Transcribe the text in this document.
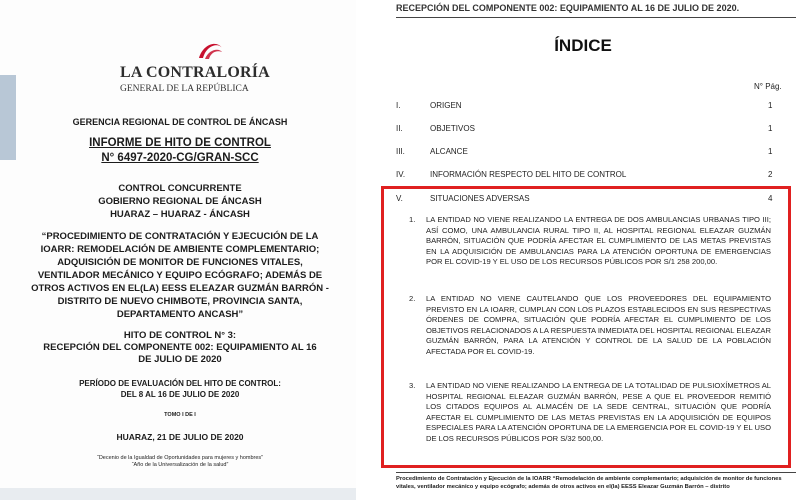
LA CONTRALORÍA
GENERAL DE LA REPÚBLICA
GERENCIA REGIONAL DE CONTROL DE ÁNCASH
INFORME DE HITO DE CONTROL
N° 6497-2020-CG/GRAN-SCC
CONTROL CONCURRENTE
GOBIERNO REGIONAL DE ÁNCASH
HUARAZ – HUARAZ - ÁNCASH
“PROCEDIMIENTO DE CONTRATACIÓN Y EJECUCIÓN DE LA IOARR: REMODELACIÓN DE AMBIENTE COMPLEMENTARIO; ADQUISICIÓN DE MONITOR DE FUNCIONES VITALES, VENTILADOR MECÁNICO Y EQUIPO ECÓGRAFO; ADEMÁS DE OTROS ACTIVOS EN EL(LA) EESS ELEAZAR GUZMÁN BARRÓN - DISTRITO DE NUEVO CHIMBOTE, PROVINCIA SANTA, DEPARTAMENTO ANCASH”
HITO DE CONTROL N° 3:
RECEPCIÓN DEL COMPONENTE 002: EQUIPAMIENTO AL 16 DE JULIO DE 2020
PERÍODO DE EVALUACIÓN DEL HITO DE CONTROL:
DEL 8 AL 16 DE JULIO DE 2020
TOMO I DE I
HUARAZ, 21 DE JULIO DE 2020
“Decenio de la Igualdad de Oportunidades para mujeres y hombres”
“Año de la Universalización de la salud”
RECEPCIÓN DEL COMPONENTE 002: EQUIPAMIENTO AL 16 DE JULIO DE 2020.
ÍNDICE
N° Pág.
I.	ORIGEN	1
II.	OBJETIVOS	1
III.	ALCANCE	1
IV.	INFORMACIÓN RESPECTO DEL HITO DE CONTROL	2
V.	SITUACIONES ADVERSAS	4
1. LA ENTIDAD NO VIENE REALIZANDO LA ENTREGA DE DOS AMBULANCIAS URBANAS TIPO III; ASÍ COMO, UNA AMBULANCIA RURAL TIPO II, AL HOSPITAL REGIONAL ELEAZAR GUZMÁN BARRÓN, SITUACIÓN QUE PODRÍA AFECTAR EL CUMPLIMIENTO DE LAS METAS PREVISTAS EN LA ADQUISICIÓN DE AMBULANCIAS PARA LA ATENCIÓN OPORTUNA DE EMERGENCIAS POR EL COVID-19 Y EL USO DE LOS RECURSOS PÚBLICOS POR S/1 258 200,00.
2. LA ENTIDAD NO VIENE CAUTELANDO QUE LOS PROVEEDORES DEL EQUIPAMIENTO PREVISTO EN LA IOARR, CUMPLAN CON LOS PLAZOS ESTABLECIDOS EN SUS RESPECTIVAS ÓRDENES DE COMPRA, SITUACIÓN QUE PODRÍA AFECTAR EL CUMPLIMIENTO DE LOS OBJETIVOS RELACIONADOS A LA RESPUESTA INMEDIATA DEL HOSPITAL REGIONAL ELEAZAR GUZMÁN BARRÓN, PARA LA ATENCIÓN Y CONTROL DE LA SALUD DE LA POBLACIÓN AFECTADA POR EL COVID-19.
3. LA ENTIDAD NO VIENE REALIZANDO LA ENTREGA DE LA TOTALIDAD DE PULSIOXÍMETROS AL HOSPITAL REGIONAL ELEAZAR GUZMÁN BARRÓN, PESE A QUE EL PROVEEDOR REMITIÓ LOS CITADOS EQUIPOS AL ALMACÉN DE LA SEDE CENTRAL, SITUACIÓN QUE PODRÍA AFECTAR EL CUMPLIMIENTO DE LAS METAS PREVISTAS EN LA ADQUISICIÓN DE EQUIPOS ESPECIALES PARA LA ATENCIÓN OPORTUNA DE LA EMERGENCIA POR EL COVID-19 Y EL USO DE LOS RECURSOS PÚBLICOS POR S/32 500,00.
Procedimiento de Contratación y Ejecución de la IOARR “Remodelación de ambiente complementario; adquisición de monitor de funciones vitales, ventilador mecánico y equipo ecógrafo; además de otros activos en el(la) EESS Eleazar Guzmán Barrón – distrito
